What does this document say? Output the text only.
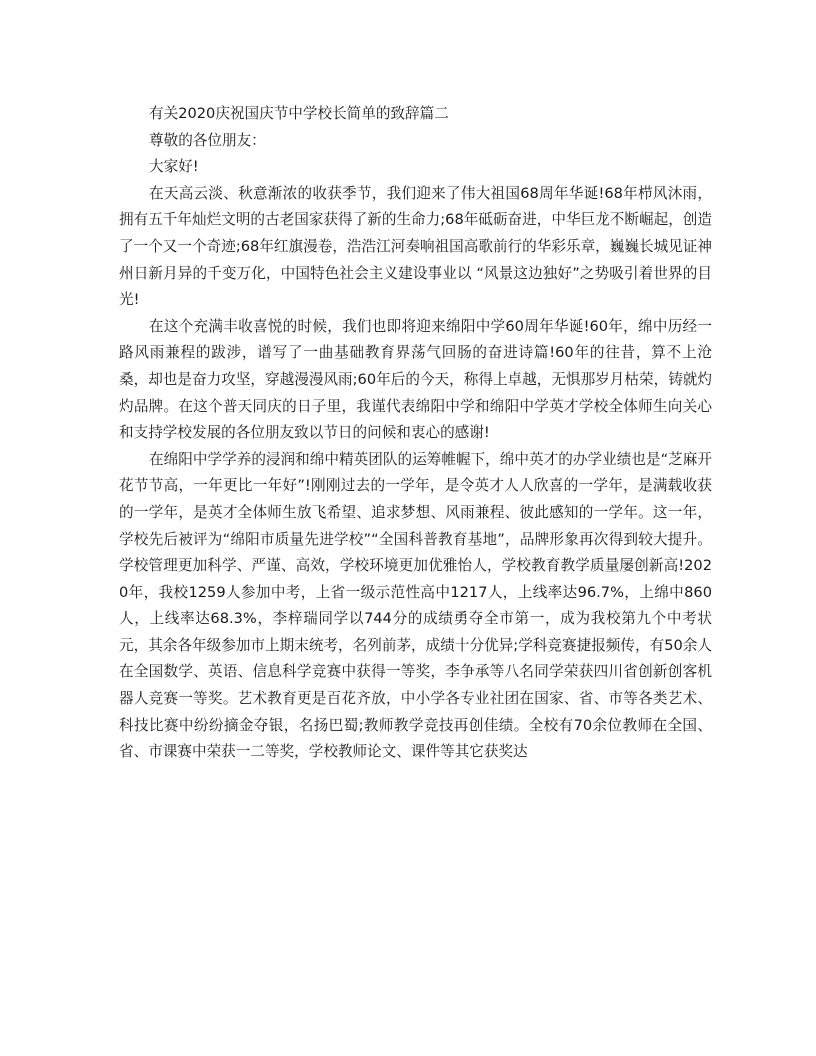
有关2020庆祝国庆节中学校长简单的致辞篇二

尊敬的各位朋友：

大家好!

在天高云淡、秋意渐浓的收获季节，我们迎来了伟大祖国68周年华诞!68年栉风沐雨，拥有五千年灿烂文明的古老国家获得了新的生命力;68年砥砺奋进，中华巨龙不断崛起，创造了一个又一个奇迹;68年红旗漫卷，浩浩江河奏响祖国高歌前行的华彩乐章，巍巍长城见证神州日新月异的千变万化，中国特色社会主义建设事业以 “风景这边独好”之势吸引着世界的目光!

在这个充满丰收喜悦的时候，我们也即将迎来绵阳中学60周年华诞!60年，绵中历经一路风雨兼程的跋涉，谱写了一曲基础教育界荡气回肠的奋进诗篇!60年的往昔，算不上沧桑，却也是奋力攻坚，穿越漫漫风雨;60年后的今天，称得上卓越，无惧那岁月枯荣，铸就灼灼品牌。在这个普天同庆的日子里，我谨代表绵阳中学和绵阳中学英才学校全体师生向关心和支持学校发展的各位朋友致以节日的问候和衷心的感谢!

在绵阳中学学养的浸润和绵中精英团队的运筹帷幄下，绵中英才的办学业绩也是“芝麻开花节节高，一年更比一年好”!刚刚过去的一学年，是令英才人人欣喜的一学年，是满载收获的一学年，是英才全体师生放飞希望、追求梦想、风雨兼程、彼此感知的一学年。这一年，学校先后被评为“绵阳市质量先进学校”“全国科普教育基地”，品牌形象再次得到较大提升。学校管理更加科学、严谨、高效，学校环境更加优雅怡人，学校教育教学质量屡创新高!2020年，我校1259人参加中考，上省一级示范性高中1217人，上线率达96.7%，上绵中860人，上线率达68.3%，李梓瑞同学以744分的成绩勇夺全市第一，成为我校第九个中考状元，其余各年级参加市上期末统考，名列前茅，成绩十分优异;学科竞赛捷报频传，有50余人在全国数学、英语、信息科学竞赛中获得一等奖，李争承等八名同学荣获四川省创新创客机器人竞赛一等奖。艺术教育更是百花齐放，中小学各专业社团在国家、省、市等各类艺术、科技比赛中纷纷摘金夺银，名扬巴蜀;教师教学竞技再创佳绩。全校有70余位教师在全国、省、市课赛中荣获一二等奖，学校教师论文、课件等其它获奖达
